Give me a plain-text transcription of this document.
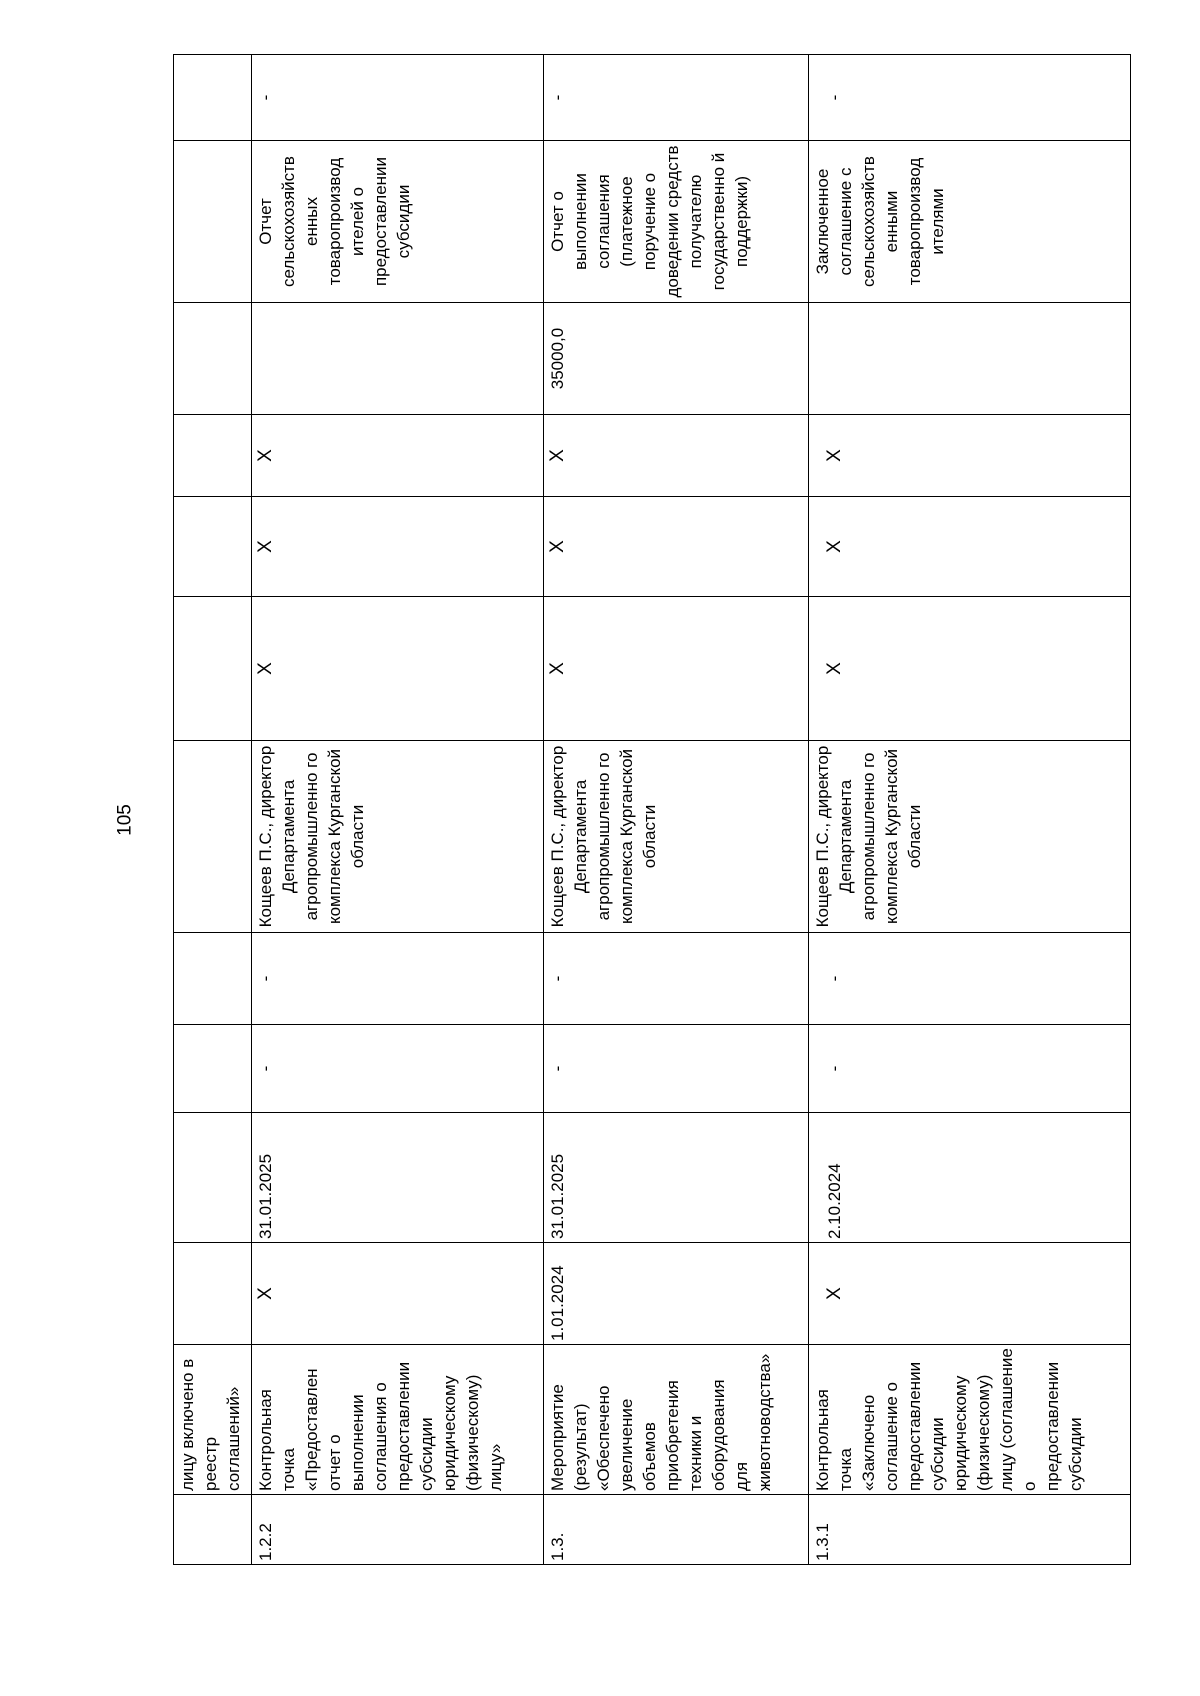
105
	лицу включено в реестр соглашений»											
1.2.2	Контрольная точка «Предоставлен отчет о выполнении соглашения о предоставлении субсидии юридическому (физическому) лицу»	X	31.01.2025	-	-	Кощеев П.С., директор Департамента агропромышленно го комплекса Курганской области	X	X	X		Отчет сельскохозяйств енных товаропроизвод ителей о предоставлении субсидии	-
1.3.	Мероприятие (результат) «Обеспечено увеличение объемов приобретения техники и оборудования для животноводства»	1.01.2024	31.01.2025	-	-	Кощеев П.С., директор Департамента агропромышленно го комплекса Курганской области	X	X	X	35000,0	Отчет о выполнении соглашения (платежное поручение о доведении средств получателю государственно й поддержки)	-
1.3.1	Контрольная точка «Заключено соглашение о предоставлении субсидии юридическому (физическому) лицу (соглашение о предоставлении субсидии	X	2.10.2024	-	-	Кощеев П.С., директор Департамента агропромышленно го комплекса Курганской области	X	X	X		Заключенное соглашение с сельскохозяйств енными товаропроизвод ителями	-
